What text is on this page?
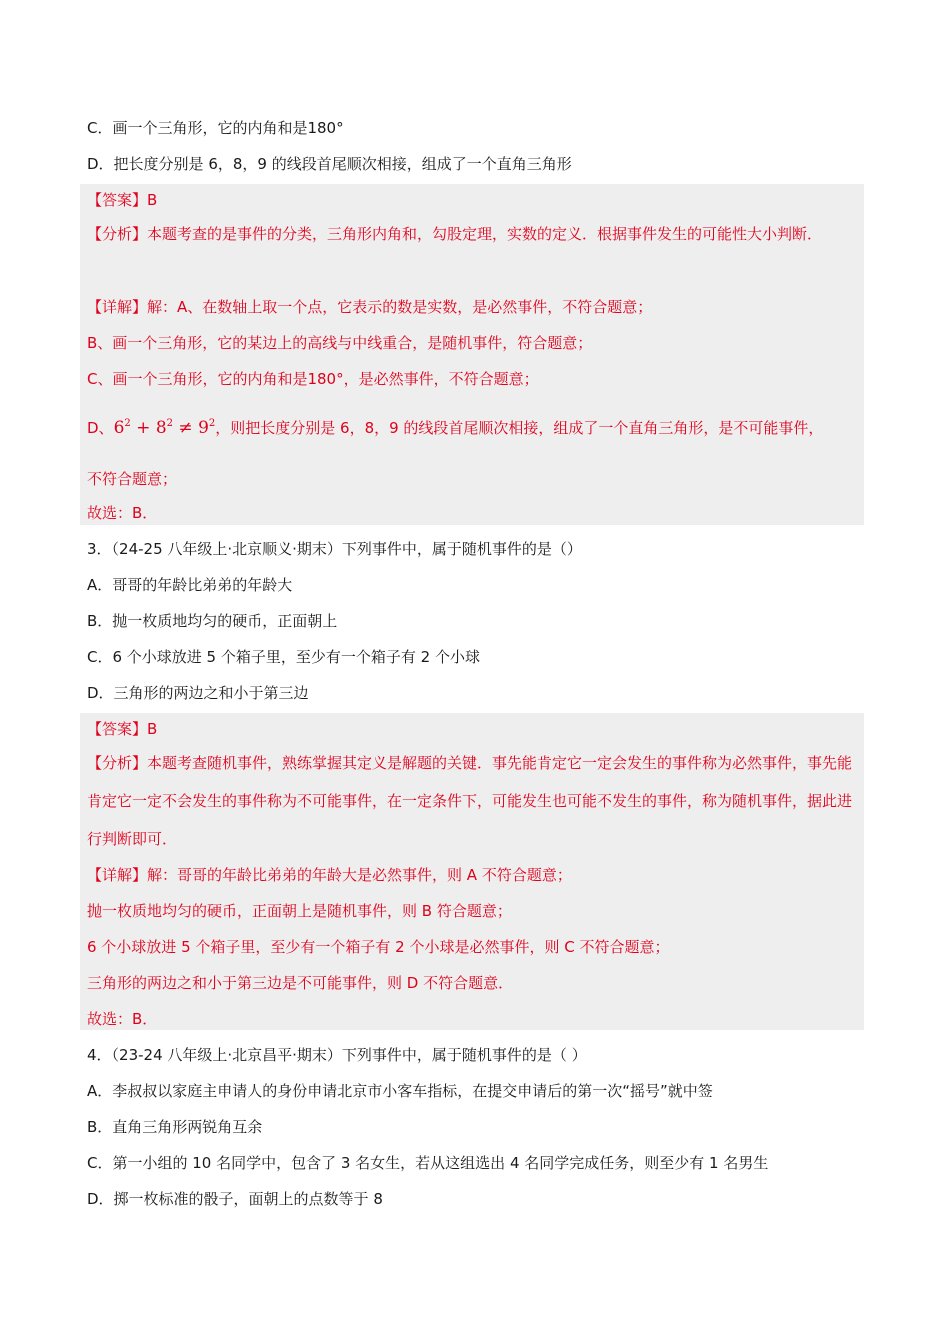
C．画一个三角形，它的内角和是180°
D．把长度分别是 6，8，9 的线段首尾顺次相接，组成了一个直角三角形
【答案】B
【分析】本题考查的是事件的分类，三角形内角和，勾股定理，实数的定义．根据事件发生的可能性大小判断．
【详解】解：A、在数轴上取一个点，它表示的数是实数，是必然事件，不符合题意；
B、画一个三角形，它的某边上的高线与中线重合，是随机事件，符合题意；
C、画一个三角形，它的内角和是180°，是必然事件，不符合题意；
D、$6^2 + 8^2 \ne 9^2$，则把长度分别是 6，8，9 的线段首尾顺次相接，组成了一个直角三角形，是不可能事件，
不符合题意；
故选：B．
3．（24-25 八年级上·北京顺义·期末）下列事件中，属于随机事件的是（）
A．哥哥的年龄比弟弟的年龄大
B．抛一枚质地均匀的硬币，正面朝上
C．6 个小球放进 5 个箱子里，至少有一个箱子有 2 个小球
D．三角形的两边之和小于第三边
【答案】B
【分析】本题考查随机事件，熟练掌握其定义是解题的关键．事先能肯定它一定会发生的事件称为必然事件，事先能肯定它一定不会发生的事件称为不可能事件，在一定条件下，可能发生也可能不发生的事件，称为随机事件，据此进行判断即可．
【详解】解：哥哥的年龄比弟弟的年龄大是必然事件，则 A 不符合题意；
抛一枚质地均匀的硬币，正面朝上是随机事件，则 B 符合题意；
6 个小球放进 5 个箱子里，至少有一个箱子有 2 个小球是必然事件，则 C 不符合题意；
三角形的两边之和小于第三边是不可能事件，则 D 不符合题意．
故选：B．
4．（23-24 八年级上·北京昌平·期末）下列事件中，属于随机事件的是（ ）
A．李叔叔以家庭主申请人的身份申请北京市小客车指标，在提交申请后的第一次“摇号”就中签
B．直角三角形两锐角互余
C．第一小组的 10 名同学中，包含了 3 名女生，若从这组选出 4 名同学完成任务，则至少有 1 名男生
D．掷一枚标准的骰子，面朝上的点数等于 8
